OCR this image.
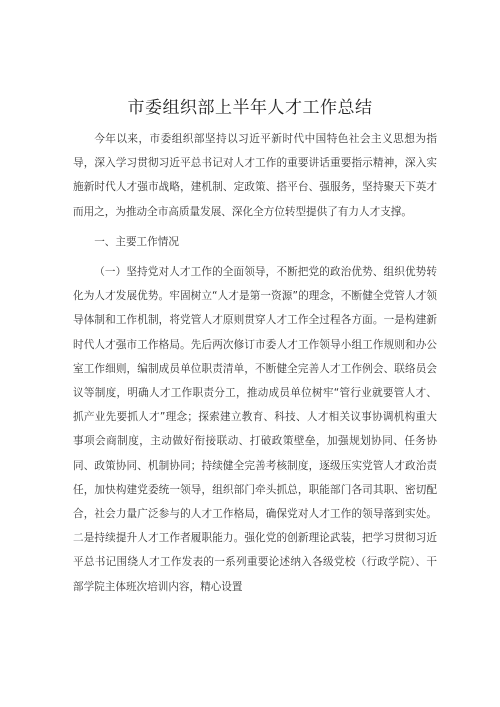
市委组织部上半年人才工作总结

今年以来，市委组织部坚持以习近平新时代中国特色社会主义思想为指导，深入学习贯彻习近平总书记对人才工作的重要讲话重要指示精神，深入实施新时代人才强市战略，建机制、定政策、搭平台、强服务，坚持聚天下英才而用之，为推动全市高质量发展、深化全方位转型提供了有力人才支撑。

一、主要工作情况

（一）坚持党对人才工作的全面领导，不断把党的政治优势、组织优势转化为人才发展优势。牢固树立“人才是第一资源”的理念，不断健全党管人才领导体制和工作机制，将党管人才原则贯穿人才工作全过程各方面。一是构建新时代人才强市工作格局。先后两次修订市委人才工作领导小组工作规则和办公室工作细则，编制成员单位职责清单，不断健全完善人才工作例会、联络员会议等制度，明确人才工作职责分工，推动成员单位树牢“管行业就要管人才、抓产业先要抓人才”理念；探索建立教育、科技、人才相关议事协调机构重大事项会商制度，主动做好衔接联动、打破政策壁垒，加强规划协同、任务协同、政策协同、机制协同；持续健全完善考核制度，逐级压实党管人才政治责任，加快构建党委统一领导，组织部门牵头抓总，职能部门各司其职、密切配合，社会力量广泛参与的人才工作格局，确保党对人才工作的领导落到实处。二是持续提升人才工作者履职能力。强化党的创新理论武装，把学习贯彻习近平总书记围绕人才工作发表的一系列重要论述纳入各级党校（行政学院）、干部学院主体班次培训内容，精心设置
